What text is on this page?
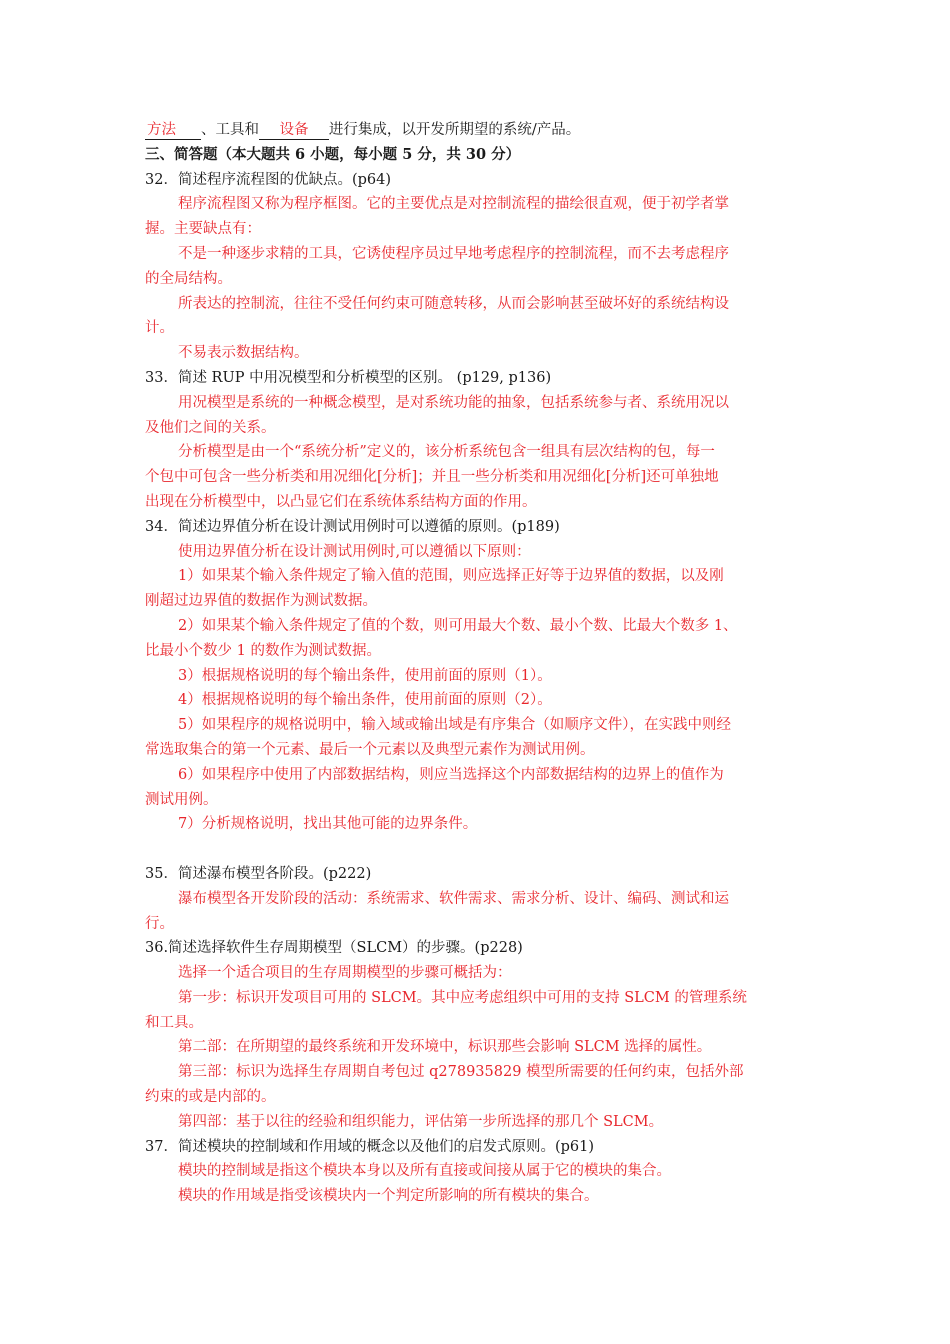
方法 、工具和 设备 进行集成，以开发所期望的系统/产品。
三、简答题（本大题共 6 小题，每小题 5 分，共 30 分）
32．简述程序流程图的优缺点。(p64)
程序流程图又称为程序框图。它的主要优点是对控制流程的描绘很直观，便于初学者掌
握。主要缺点有：
不是一种逐步求精的工具，它诱使程序员过早地考虑程序的控制流程，而不去考虑程序
的全局结构。
所表达的控制流，往往不受任何约束可随意转移，从而会影响甚至破坏好的系统结构设
计。
不易表示数据结构。
33．简述 RUP 中用况模型和分析模型的区别。 (p129, p136)
用况模型是系统的一种概念模型，是对系统功能的抽象，包括系统参与者、系统用况以
及他们之间的关系。
分析模型是由一个“系统分析”定义的，该分析系统包含一组具有层次结构的包，每一
个包中可包含一些分析类和用况细化[分析]；并且一些分析类和用况细化[分析]还可单独地
出现在分析模型中，以凸显它们在系统体系结构方面的作用。
34．简述边界值分析在设计测试用例时可以遵循的原则。(p189)
使用边界值分析在设计测试用例时,可以遵循以下原则：
1）如果某个输入条件规定了输入值的范围，则应选择正好等于边界值的数据，以及刚
刚超过边界值的数据作为测试数据。
2）如果某个输入条件规定了值的个数，则可用最大个数、最小个数、比最大个数多 1、
比最小个数少 1 的数作为测试数据。
3）根据规格说明的每个输出条件，使用前面的原则（1）。
4）根据规格说明的每个输出条件，使用前面的原则（2）。
5）如果程序的规格说明中，输入域或输出域是有序集合（如顺序文件），在实践中则经
常选取集合的第一个元素、最后一个元素以及典型元素作为测试用例。
6）如果程序中使用了内部数据结构，则应当选择这个内部数据结构的边界上的值作为
测试用例。
7）分析规格说明，找出其他可能的边界条件。
35．简述瀑布模型各阶段。(p222)
瀑布模型各开发阶段的活动：系统需求、软件需求、需求分析、设计、编码、测试和运
行。
36.简述选择软件生存周期模型（SLCM）的步骤。(p228)
选择一个适合项目的生存周期模型的步骤可概括为：
第一步：标识开发项目可用的 SLCM。其中应考虑组织中可用的支持 SLCM 的管理系统
和工具。
第二部：在所期望的最终系统和开发环境中，标识那些会影响 SLCM 选择的属性。
第三部：标识为选择生存周期自考包过 q278935829 模型所需要的任何约束，包括外部
约束的或是内部的。
第四部：基于以往的经验和组织能力，评估第一步所选择的那几个 SLCM。
37．简述模块的控制域和作用域的概念以及他们的启发式原则。(p61)
模块的控制域是指这个模块本身以及所有直接或间接从属于它的模块的集合。
模块的作用域是指受该模块内一个判定所影响的所有模块的集合。
